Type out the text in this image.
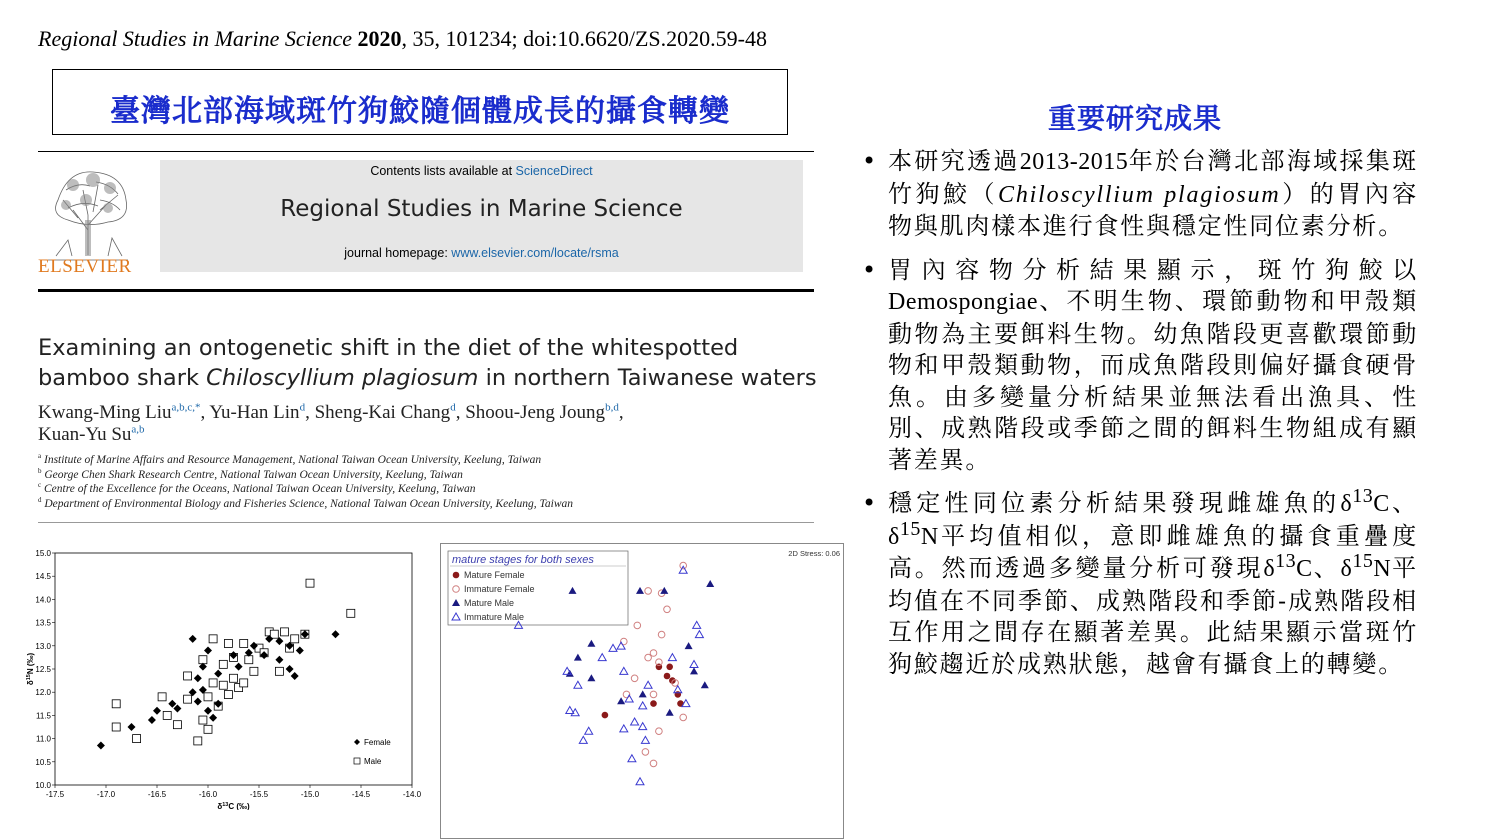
Regional Studies in Marine Science 2020, 35, 101234; doi:10.6620/ZS.2020.59-48
臺灣北部海域斑竹狗鮫隨個體成長的攝食轉變
ELSEVIER
Contents lists available at ScienceDirect
Regional Studies in Marine Science
journal homepage: www.elsevier.com/locate/rsma
Examining an ontogenetic shift in the diet of the whitespotted bamboo shark Chiloscyllium plagiosum in northern Taiwanese waters
Kwang-Ming Liu$^{a,b,c,*}$, Yu-Han Lin$^d$, Sheng-Kai Chang$^d$, Shoou-Jeng Joung$^{b,d}$,
Kuan-Yu Su$^{a,b}$
$^a$ Institute of Marine Affairs and Resource Management, National Taiwan Ocean University, Keelung, Taiwan
$^b$ George Chen Shark Research Centre, National Taiwan Ocean University, Keelung, Taiwan
$^c$ Centre of the Excellence for the Oceans, National Taiwan Ocean University, Keelung, Taiwan
$^d$ Department of Environmental Biology and Fisheries Science, National Taiwan Ocean University, Keelung, Taiwan
-17.5	-17.0	-16.5	-16.0	-15.5	-15.0	-14.5	-14.0
10.0
10.5
11.0
11.5
12.0
12.5
13.0
13.5
14.0
14.5
15.0
$\delta^{13}C$ (‰)
$\delta^{15}N$ (‰)
Female
Male
2D Stress: 0.06
mature stages for both sexes
Mature Female
Immature Female
Mature Male
Immature Male
重要研究成果
• 本研究透過2013-2015年於台灣北部海域採集斑竹狗鮫（Chiloscyllium plagiosum）的胃內容物與肌肉樣本進行食性與穩定性同位素分析。
• 胃內容物分析結果顯示，斑竹狗鮫以Demospongiae、不明生物、環節動物和甲殼類動物為主要餌料生物。幼魚階段更喜歡環節動物和甲殼類動物，而成魚階段則偏好攝食硬骨魚。由多變量分析結果並無法看出漁具、性別、成熟階段或季節之間的餌料生物組成有顯著差異。
• 穩定性同位素分析結果發現雌雄魚的$\delta^{13}C$、$\delta^{15}N$平均值相似，意即雌雄魚的攝食重疊度高。然而透過多變量分析可發現$\delta^{13}C$、$\delta^{15}N$平均值在不同季節、成熟階段和季節-成熟階段相互作用之間存在顯著差異。此結果顯示當斑竹狗鮫趨近於成熟狀態，越會有攝食上的轉變。
